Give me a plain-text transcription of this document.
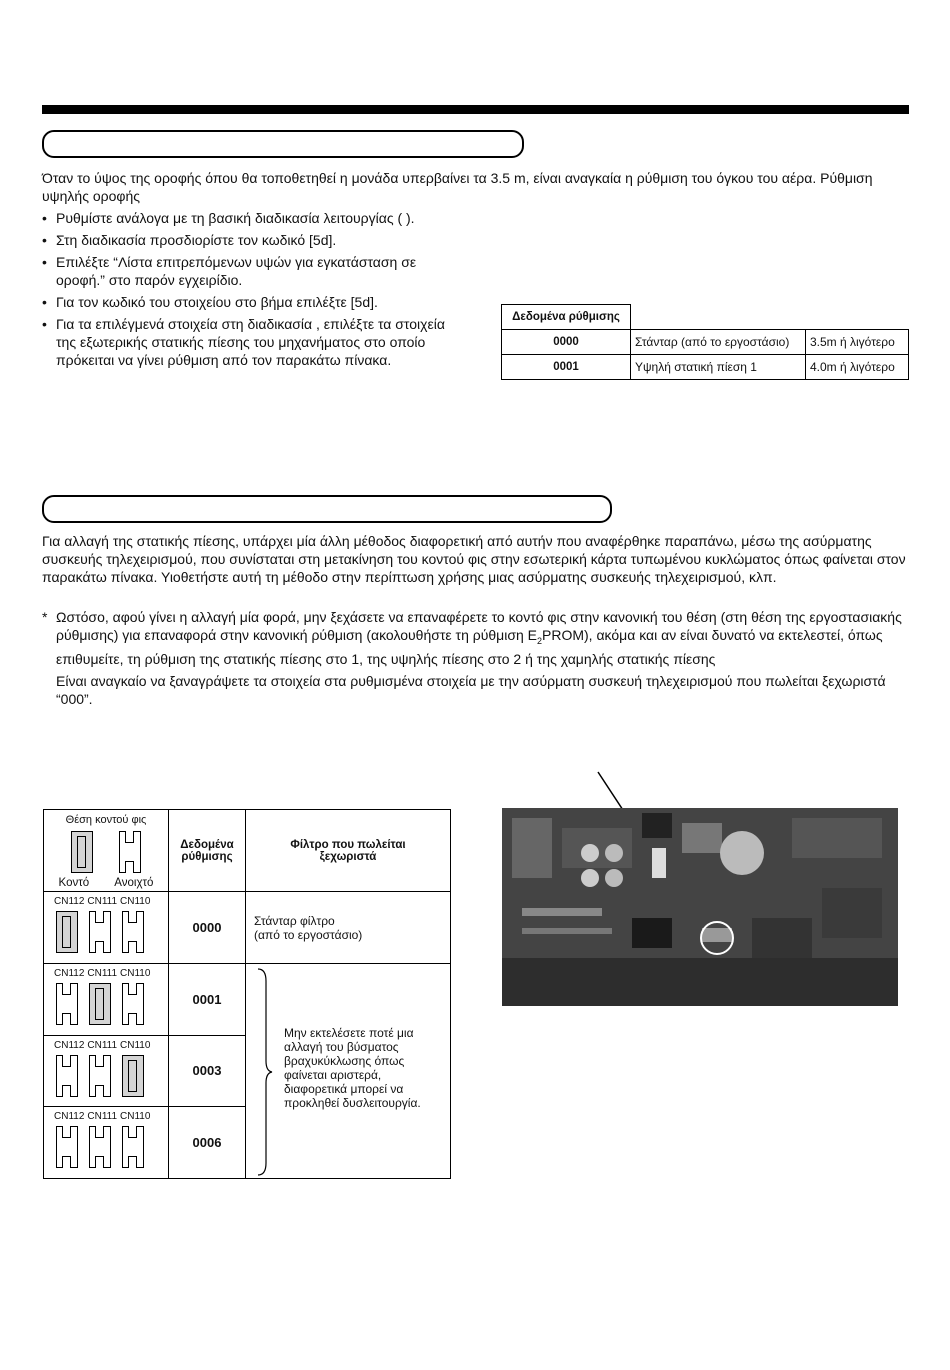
Όταν το ύψος της οροφής όπου θα τοποθετηθεί η μονάδα υπερβαίνει τα 3.5 m, είναι αναγκαία η ρύθμιση του όγκου του αέρα. Ρύθμιση υψηλής οροφής
• Ρυθμίστε ανάλογα με τη βασική διαδικασία λειτουργίας ( ).
• Στη διαδικασία προσδιορίστε τον κωδικό [5d].
• Επιλέξτε “Λίστα επιτρεπόμενων υψών για εγκατάσταση σε οροφή.” στο παρόν εγχειρίδιο.
• Για τον κωδικό του στοιχείου στο βήμα επιλέξτε [5d].
• Για τα επιλέγμενά στοιχεία στη διαδικασία , επιλέξτε τα στοιχεία της εξωτερικής στατικής πίεσης του μηχανήματος στο οποίο πρόκειται να γίνει ρύθμιση από τον παρακάτω πίνακα.
Δεδομένα ρύθμισης		
0000	Στάνταρ (από το εργοστάσιο)	3.5m ή λιγότερο
0001	Υψηλή στατική πίεση 1	4.0m ή λιγότερο
Για αλλαγή της στατικής πίεσης, υπάρχει μία άλλη μέθοδος διαφορετική από αυτήν που αναφέρθηκε παραπάνω, μέσω της ασύρματης συσκευής τηλεχειρισμού, που συνίσταται στη μετακίνηση του κοντού φις στην εσωτερική κάρτα τυπωμένου κυκλώματος όπως φαίνεται στον παρακάτω πίνακα. Υιοθετήστε αυτή τη μέθοδο στην περίπτωση χρήσης μιας ασύρματης συσκευής τηλεχειρισμού, κλπ.
* Ωστόσο, αφού γίνει η αλλαγή μία φορά, μην ξεχάσετε να επαναφέρετε το κοντό φις στην κανονική του θέση (στη θέση της εργοστασιακής ρύθμισης) για επαναφορά στην κανονική ρύθμιση (ακολουθήστε τη ρύθμιση $E_2PROM$), ακόμα και αν είναι δυνατό να εκτελεστεί, όπως επιθυμείτε, τη ρύθμιση της στατικής πίεσης στο 1, της υψηλής πίεσης στο 2 ή της χαμηλής στατικής πίεσης
Είναι αναγκαίο να ξαναγράψετε τα στοιχεία στα ρυθμισμένα στοιχεία με την ασύρματη συσκευή τηλεχειρισμού που πωλείται ξεχωριστά “000”.
Θέση κοντού φις
Κοντό Ανοιχτό	Δεδομένα ρύθμισης	Φίλτρο που πωλείται ξεχωριστά

CN112 CN111 CN110	0000	Στάνταρ φίλτρο
(από το εργοστάσιο)

CN112 CN111 CN110	0001	Μην εκτελέσετε ποτέ μια αλλαγή του βύσματος βραχυκύκλωσης όπως φαίνεται αριστερά, διαφορετικά μπορεί να προκληθεί δυσλειτουργία.

CN112 CN111 CN110	0003	

CN112 CN111 CN110	0006	
